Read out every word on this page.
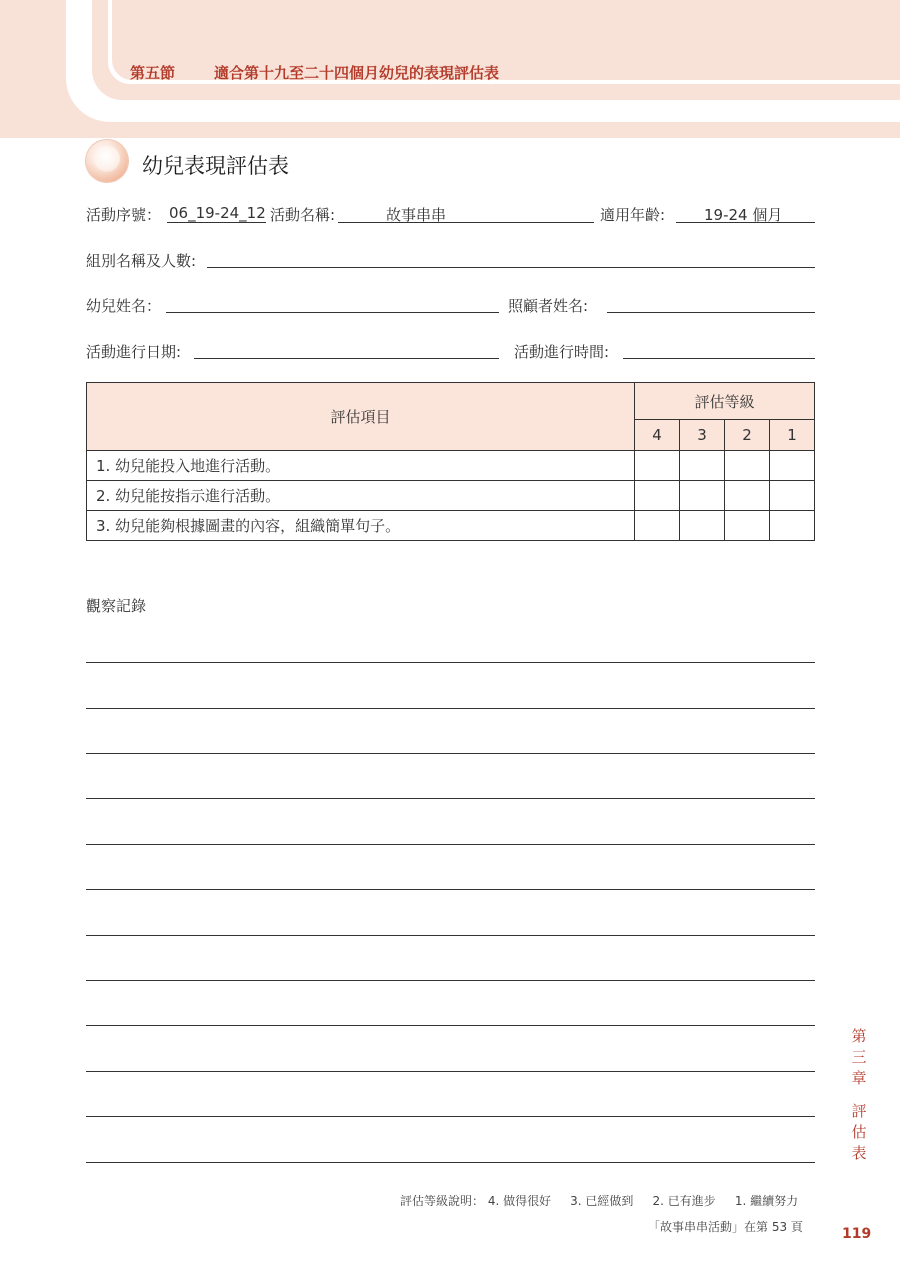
第五節	適合第十九至二十四個月幼兒的表現評估表
幼兒表現評估表
活動序號： 06_19-24_12 活動名稱:	故事串串	適用年齡:	19-24 個月
組別名稱及人數:
幼兒姓名：	照顧者姓名:
活動進行日期:	活動進行時間:
評估項目	評估等級			
	4	3	2	1
1. 幼兒能投入地進行活動。				
2. 幼兒能按指示進行活動。				
3. 幼兒能夠根據圖畫的內容，組織簡單句子。				
觀察記錄
第三章
評估表
評估等級說明： 4. 做得很好     3. 已經做到     2. 已有進步     1. 繼續努力
「故事串串活動」在第 53 頁	119
